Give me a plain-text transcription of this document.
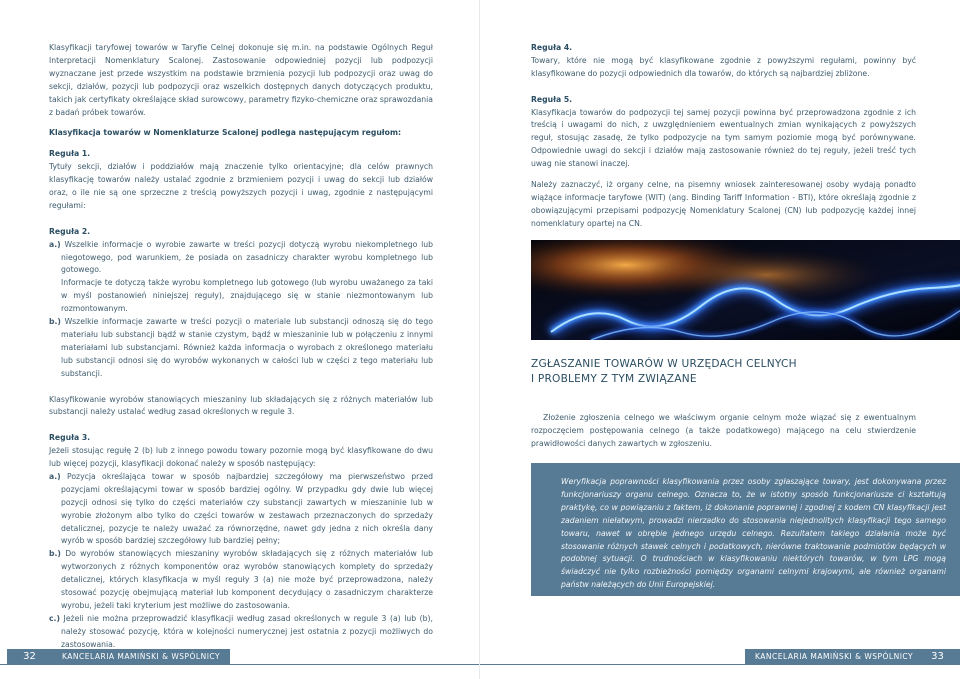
Klasyfikacji taryfowej towarów w Taryfie Celnej dokonuje się m.in. na podstawie Ogólnych Reguł Interpretacji Nomenklatury Scalonej. Zastosowanie odpowiedniej pozycji lub podpozycji wyznaczane jest przede wszystkim na podstawie brzmienia pozycji lub podpozycji oraz uwag do sekcji, działów, pozycji lub podpozycji oraz wszelkich dostępnych danych dotyczących produktu, takich jak certyfikaty określające skład surowcowy, parametry fizyko-chemiczne oraz sprawozdania z badań próbek towarów.

Klasyfikacja towarów w Nomenklaturze Scalonej podlega następującym regułom:

Reguła 1.

Tytuły sekcji, działów i poddziałów mają znaczenie tylko orientacyjne; dla celów prawnych klasyfikację towarów należy ustalać zgodnie z brzmieniem pozycji i uwag do sekcji lub działów oraz, o ile nie są one sprzeczne z treścią powyższych pozycji i uwag, zgodnie z następującymi regułami:

Reguła 2.

a.) Wszelkie informacje o wyrobie zawarte w treści pozycji dotyczą wyrobu niekompletnego lub niegotowego, pod warunkiem, że posiada on zasadniczy charakter wyrobu kompletnego lub gotowego.

Informacje te dotyczą także wyrobu kompletnego lub gotowego (lub wyrobu uważanego za taki w myśl postanowień niniejszej reguły), znajdującego się w stanie niezmontowanym lub rozmontowanym.

b.) Wszelkie informacje zawarte w treści pozycji o materiale lub substancji odnoszą się do tego materiału lub substancji bądź w stanie czystym, bądź w mieszaninie lub w połączeniu z innymi materiałami lub substancjami. Również każda informacja o wyrobach z określonego materiału lub substancji odnosi się do wyrobów wykonanych w całości lub w części z tego materiału lub substancji.

Klasyfikowanie wyrobów stanowiących mieszaniny lub składających się z różnych materiałów lub substancji należy ustalać według zasad określonych w regule 3.

Reguła 3.

Jeżeli stosując regułę 2 (b) lub z innego powodu towary pozornie mogą być klasyfikowane do dwu lub więcej pozycji, klasyfikacji dokonać należy w sposób następujący:

a.) Pozycja określająca towar w sposób najbardziej szczegółowy ma pierwszeństwo przed pozycjami określającymi towar w sposób bardziej ogólny. W przypadku gdy dwie lub więcej pozycji odnosi się tylko do części materiałów czy substancji zawartych w mieszaninie lub w wyrobie złożonym albo tylko do części towarów w zestawach przeznaczonych do sprzedaży detalicznej, pozycje te należy uważać za równorzędne, nawet gdy jedna z nich określa dany wyrób w sposób bardziej szczegółowy lub bardziej pełny;

b.) Do wyrobów stanowiących mieszaniny wyrobów składających się z różnych materiałów lub wytworzonych z różnych komponentów oraz wyrobów stanowiących komplety do sprzedaży detalicznej, których klasyfikacja w myśl reguły 3 (a) nie może być przeprowadzona, należy stosować pozycję obejmującą materiał lub komponent decydujący o zasadniczym charakterze wyrobu, jeżeli taki kryterium jest możliwe do zastosowania.

c.) Jeżeli nie można przeprowadzić klasyfikacji według zasad określonych w regule 3 (a) lub (b), należy stosować pozycję, która w kolejności numerycznej jest ostatnia z pozycji możliwych do zastosowania.

32	KANCELARIA MAMIŃSKI & WSPÓLNICY

Reguła 4.

Towary, które nie mogą być klasyfikowane zgodnie z powyższymi regułami, powinny być klasyfikowane do pozycji odpowiednich dla towarów, do których są najbardziej zbliżone.

Reguła 5.

Klasyfikacja towarów do podpozycji tej samej pozycji powinna być przeprowadzona zgodnie z ich treścią i uwagami do nich, z uwzględnieniem ewentualnych zmian wynikających z powyższych reguł, stosując zasadę, że tylko podpozycje na tym samym poziomie mogą być porównywane. Odpowiednie uwagi do sekcji i działów mają zastosowanie również do tej reguły, jeżeli treść tych uwag nie stanowi inaczej.

Należy zaznaczyć, iż organy celne, na pisemny wniosek zainteresowanej osoby wydają ponadto wiążące informacje taryfowe (WIT) (ang. Binding Tariff Information - BTI), które określają zgodnie z obowiązującymi przepisami podpozycję Nomenklatury Scalonej (CN) lub podpozycję każdej innej nomenklatury opartej na CN.

ZGŁASZANIE TOWARÓW W URZĘDACH CELNYCH

I PROBLEMY Z TYM ZWIĄZANE

Złożenie zgłoszenia celnego we właściwym organie celnym może wiązać się z ewentualnym rozpoczęciem postępowania celnego (a także podatkowego) mającego na celu stwierdzenie prawidłowości danych zawartych w zgłoszeniu.

Weryfikacja poprawności klasyfikowania przez osoby zgłaszające towary, jest dokonywana przez funkcjonariuszy organu celnego. Oznacza to, że w istotny sposób funkcjonariusze ci kształtują praktykę, co w powiązaniu z faktem, iż dokonanie poprawnej i zgodnej z kodem CN klasyfikacji jest zadaniem niełatwym, prowadzi nierzadko do stosowania niejednolitych klasyfikacji tego samego towaru, nawet w obrębie jednego urzędu celnego. Rezultatem takiego działania może być stosowanie różnych stawek celnych i podatkowych, nierówne traktowanie podmiotów będących w podobnej sytuacji. O trudnościach w klasyfikowaniu niektórych towarów, w tym LPG mogą świadczyć nie tylko rozbieżności pomiędzy organami celnymi krajowymi, ale również organami państw należących do Unii Europejskiej.

KANCELARIA MAMIŃSKI & WSPÓLNICY	33
